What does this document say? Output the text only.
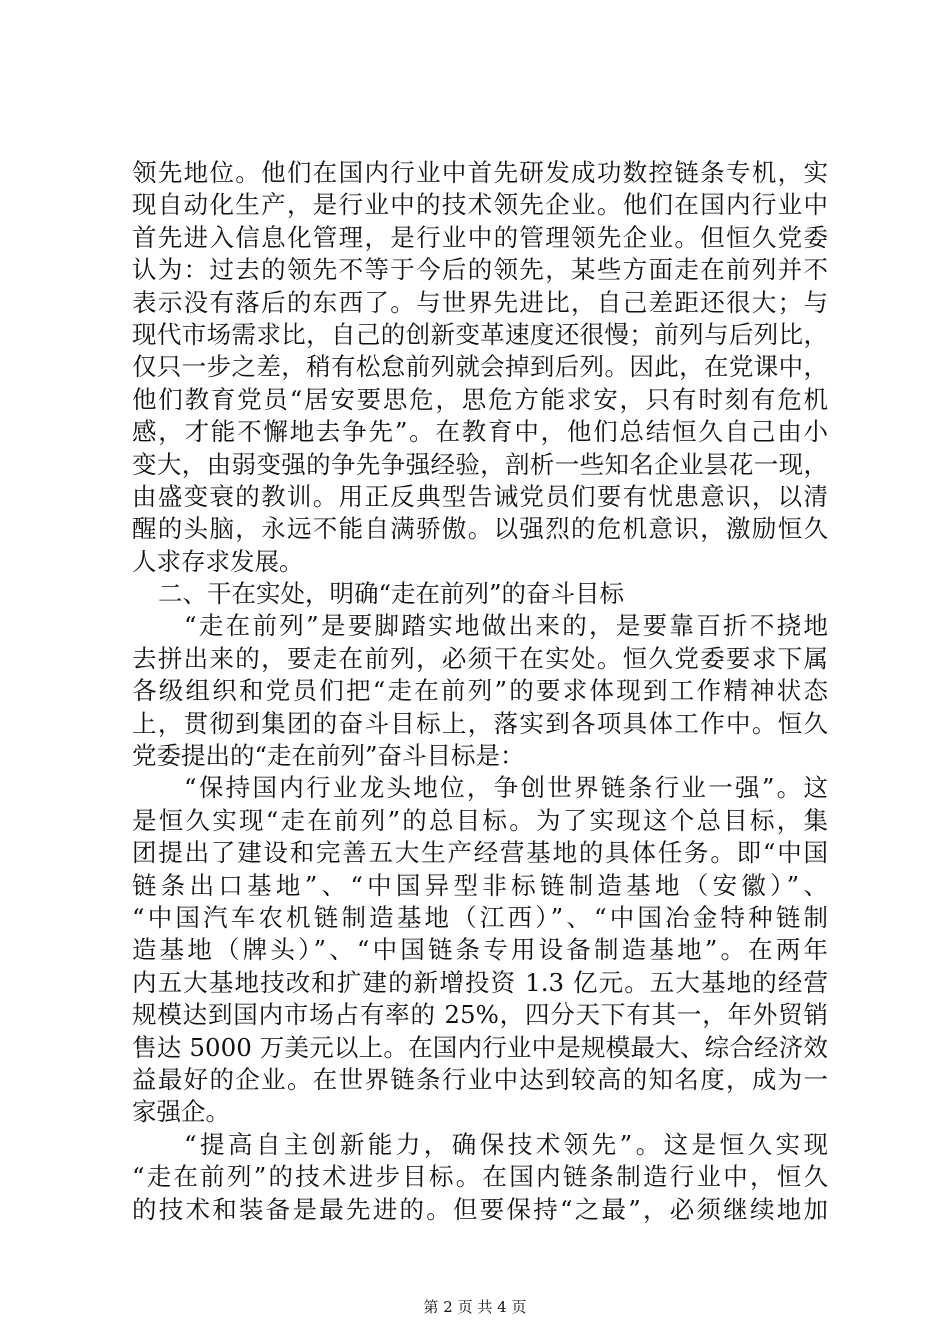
领先地位。他们在国内行业中首先研发成功数控链条专机，实
现自动化生产，是行业中的技术领先企业。他们在国内行业中
首先进入信息化管理，是行业中的管理领先企业。但恒久党委
认为：过去的领先不等于今后的领先，某些方面走在前列并不
表示没有落后的东西了。与世界先进比，自己差距还很大；与
现代市场需求比，自己的创新变革速度还很慢；前列与后列比，
仅只一步之差，稍有松怠前列就会掉到后列。因此，在党课中，
他们教育党员“居安要思危，思危方能求安，只有时刻有危机
感，才能不懈地去争先”。在教育中，他们总结恒久自己由小
变大，由弱变强的争先争强经验，剖析一些知名企业昙花一现，
由盛变衰的教训。用正反典型告诫党员们要有忧患意识，以清
醒的头脑，永远不能自满骄傲。以强烈的危机意识，激励恒久
人求存求发展。
二、干在实处，明确“走在前列”的奋斗目标
“走在前列”是要脚踏实地做出来的，是要靠百折不挠地
去拼出来的，要走在前列，必须干在实处。恒久党委要求下属
各级组织和党员们把“走在前列”的要求体现到工作精神状态
上，贯彻到集团的奋斗目标上，落实到各项具体工作中。恒久
党委提出的“走在前列”奋斗目标是：
“保持国内行业龙头地位，争创世界链条行业一强”。这
是恒久实现“走在前列”的总目标。为了实现这个总目标，集
团提出了建设和完善五大生产经营基地的具体任务。即“中国
链条出口基地”、“中国异型非标链制造基地（安徽）”、
“中国汽车农机链制造基地（江西）”、“中国冶金特种链制
造基地（牌头）”、“中国链条专用设备制造基地”。在两年
内五大基地技改和扩建的新增投资 1.3 亿元。五大基地的经营
规模达到国内市场占有率的 25%，四分天下有其一，年外贸销
售达 5000 万美元以上。在国内行业中是规模最大、综合经济效
益最好的企业。在世界链条行业中达到较高的知名度，成为一
家强企。
“提高自主创新能力，确保技术领先”。这是恒久实现
“走在前列”的技术进步目标。在国内链条制造行业中，恒久
的技术和装备是最先进的。但要保持“之最”，必须继续地加
第 2 页 共 4 页
